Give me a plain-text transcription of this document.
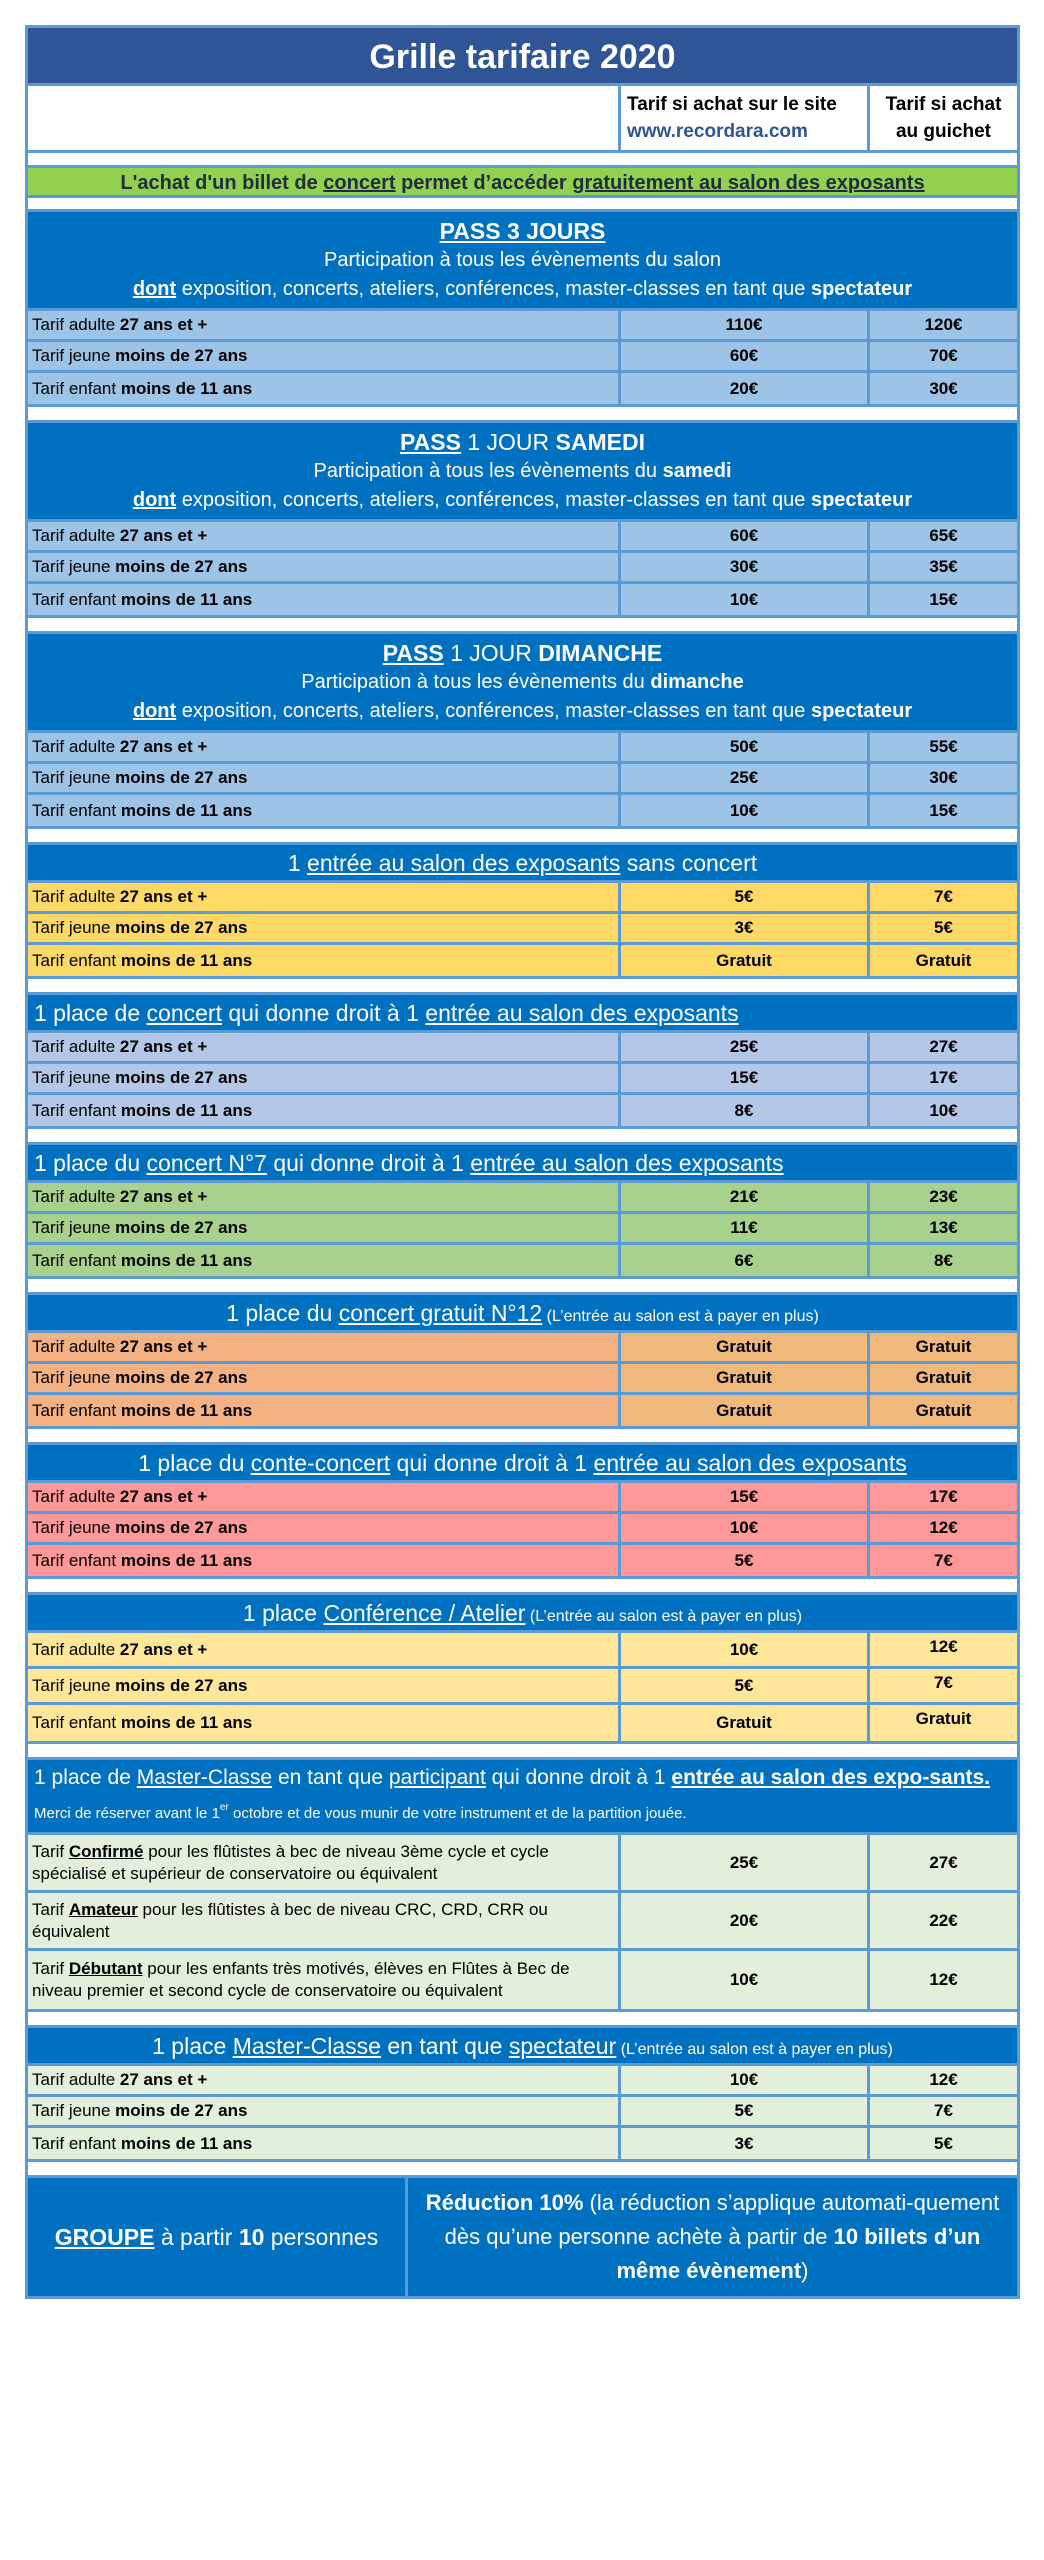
Grille tarifaire 2020
Tarif si achat sur le site
www.recordara.com
Tarif si achat
au guichet
L'achat d'un billet de concert permet d’accéder gratuitement au salon des exposants
PASS 3 JOURS
Participation à tous les évènements du salon
dont exposition, concerts, ateliers, conférences, master-classes en tant que spectateur
Tarif adulte 27 ans et +	110€	120€
Tarif jeune moins de 27 ans	60€	70€
Tarif enfant moins de 11 ans	20€	30€
PASS 1 JOUR SAMEDI
Participation à tous les évènements du samedi
dont exposition, concerts, ateliers, conférences, master-classes en tant que spectateur
Tarif adulte 27 ans et +	60€	65€
Tarif jeune moins de 27 ans	30€	35€
Tarif enfant moins de 11 ans	10€	15€
PASS 1 JOUR DIMANCHE
Participation à tous les évènements du dimanche
dont exposition, concerts, ateliers, conférences, master-classes en tant que spectateur
Tarif adulte 27 ans et +	50€	55€
Tarif jeune moins de 27 ans	25€	30€
Tarif enfant moins de 11 ans	10€	15€
1 entrée au salon des exposants sans concert
Tarif adulte 27 ans et +	5€	7€
Tarif jeune moins de 27 ans	3€	5€
Tarif enfant moins de 11 ans	Gratuit	Gratuit
1 place de concert qui donne droit à 1 entrée au salon des exposants
Tarif adulte 27 ans et +	25€	27€
Tarif jeune moins de 27 ans	15€	17€
Tarif enfant moins de 11 ans	8€	10€
1 place du concert N°7 qui donne droit à 1 entrée au salon des exposants
Tarif adulte 27 ans et +	21€	23€
Tarif jeune moins de 27 ans	11€	13€
Tarif enfant moins de 11 ans	6€	8€
1 place du concert gratuit N°12 (L’entrée au salon est à payer en plus)
Tarif adulte 27 ans et +	Gratuit	Gratuit
Tarif jeune moins de 27 ans	Gratuit	Gratuit
Tarif enfant moins de 11 ans	Gratuit	Gratuit
1 place du conte-concert qui donne droit à 1 entrée au salon des exposants
Tarif adulte 27 ans et +	15€	17€
Tarif jeune moins de 27 ans	10€	12€
Tarif enfant moins de 11 ans	5€	7€
1 place Conférence / Atelier (L’entrée au salon est à payer en plus)
Tarif adulte 27 ans et +	10€	12€
Tarif jeune moins de 27 ans	5€	7€
Tarif enfant moins de 11 ans	Gratuit	Gratuit
1 place de Master-Classe en tant que participant qui donne droit à 1 entrée au salon des expo-sants. Merci de réserver avant le 1er octobre et de vous munir de votre instrument et de la partition jouée.
Tarif Confirmé pour les flûtistes à bec de niveau 3ème cycle et cycle spécialisé et supérieur de conservatoire ou équivalent
25€	27€
Tarif Amateur pour les flûtistes à bec de niveau CRC, CRD, CRR ou équivalent
20€	22€
Tarif Débutant pour les enfants très motivés, élèves en Flûtes à Bec de niveau premier et second cycle de conservatoire ou équivalent
10€	12€
1 place Master-Classe en tant que spectateur (L’entrée au salon est à payer en plus)
Tarif adulte 27 ans et +	10€	12€
Tarif jeune moins de 27 ans	5€	7€
Tarif enfant moins de 11 ans	3€	5€
GROUPE à partir 10 personnes
Réduction 10% (la réduction s’applique automati-quement dès qu’une personne achète à partir de 10 billets d’un même évènement)
